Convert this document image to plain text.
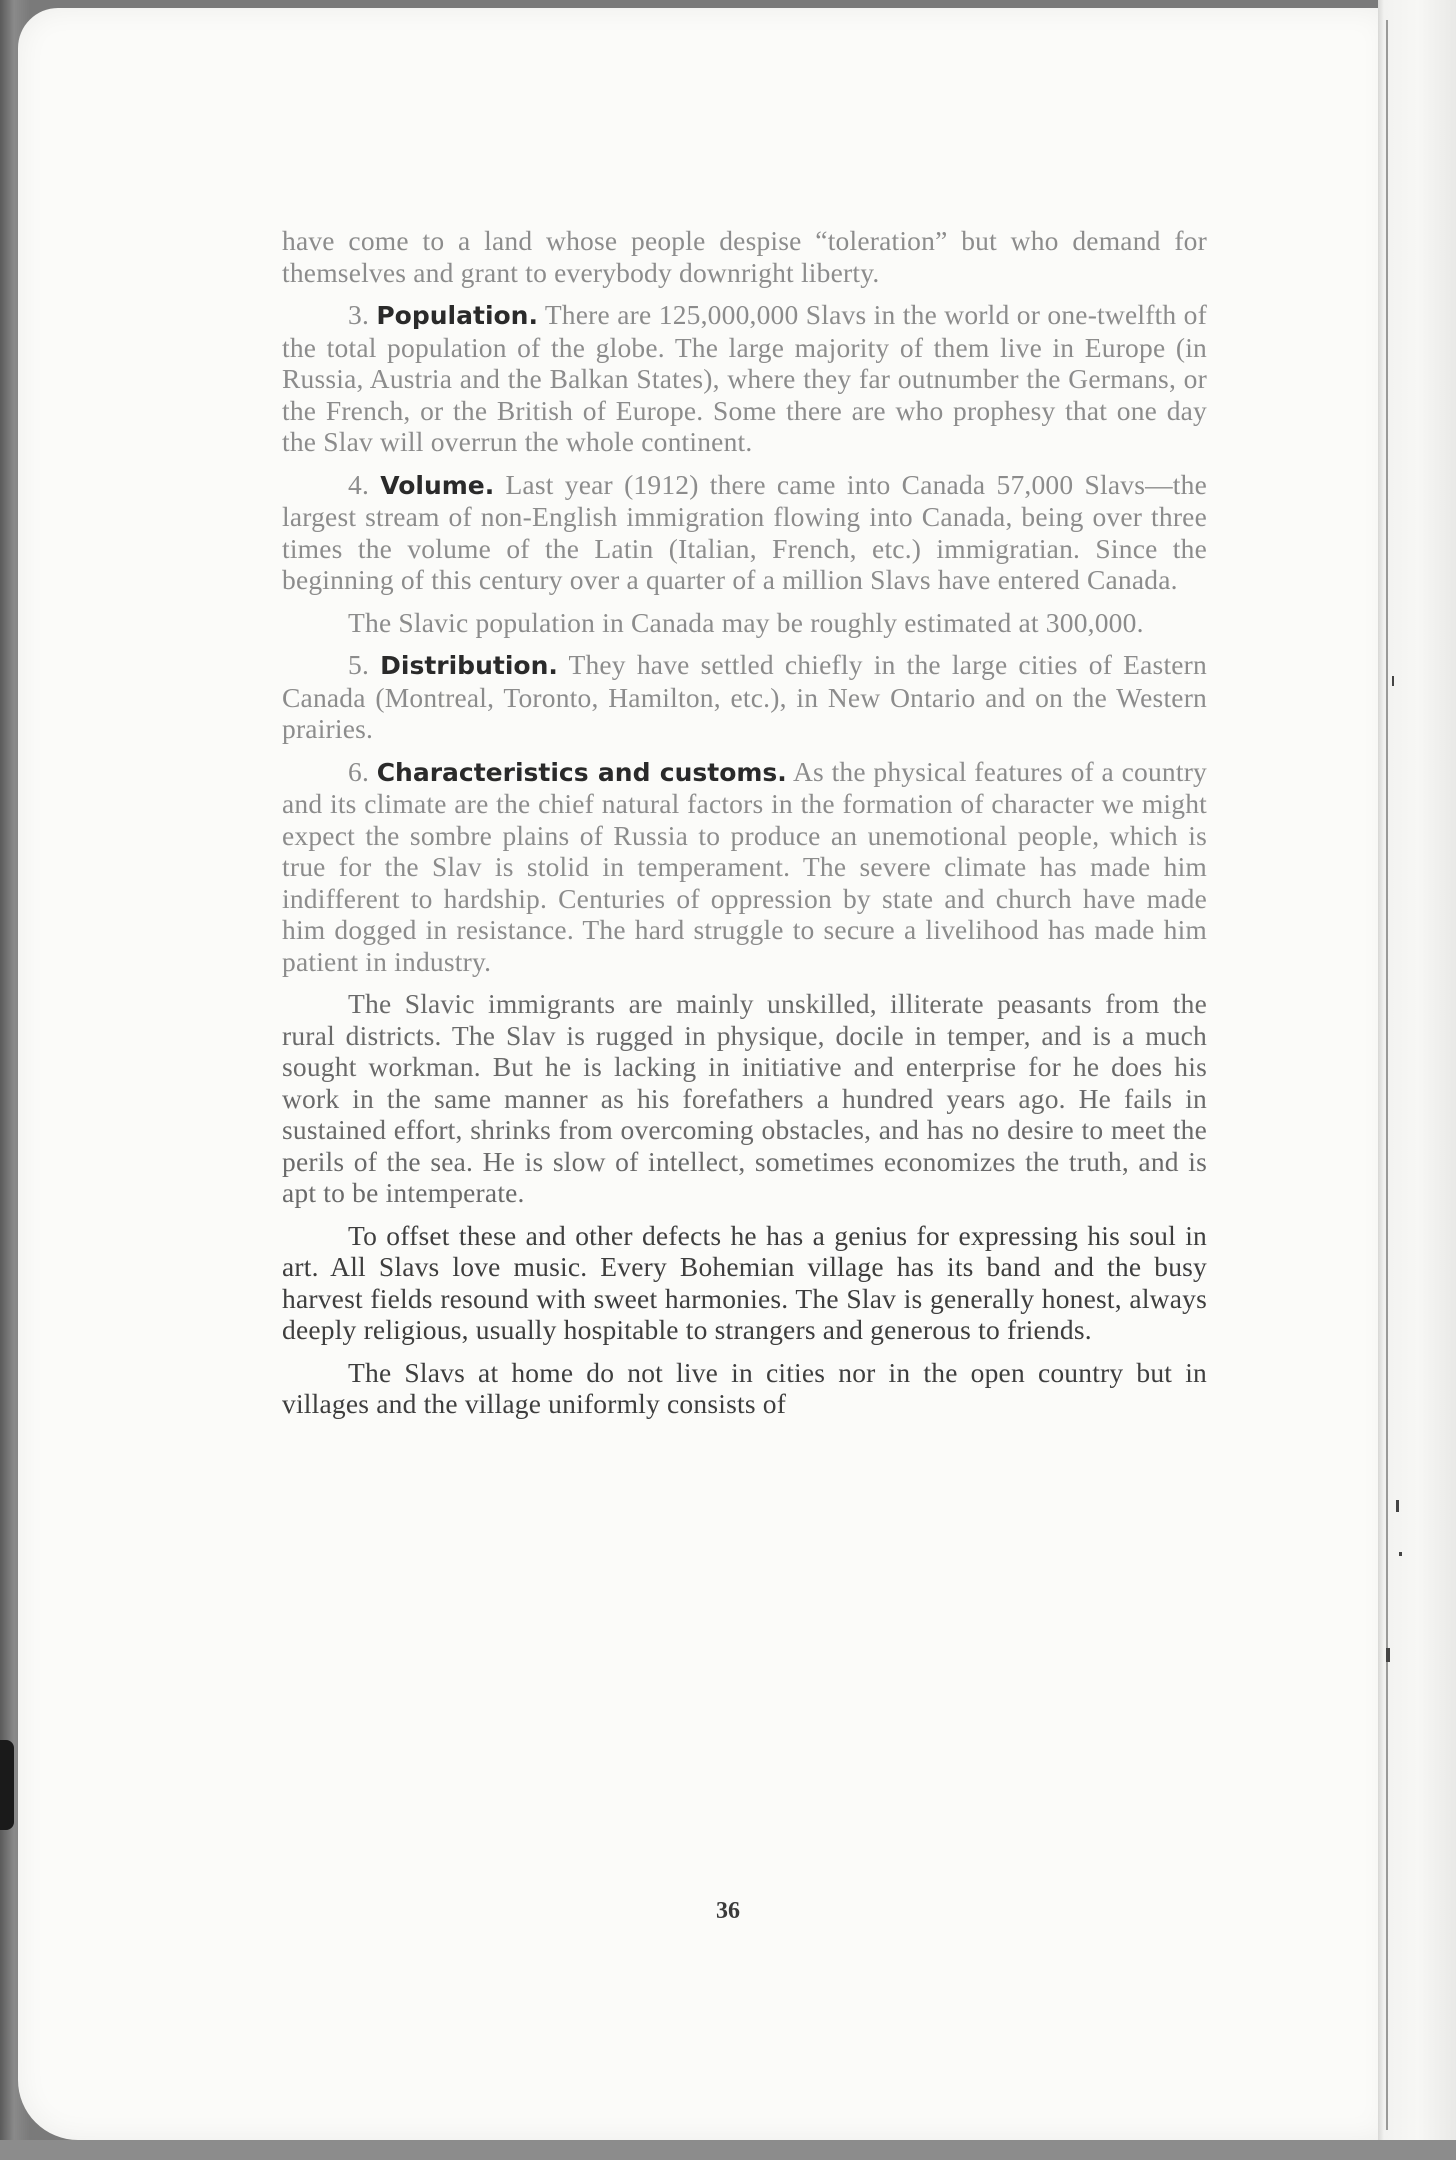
have come to a land whose people despise “toleration” but who demand for themselves and grant to everybody downright liberty.

3. Population. There are 125,000,000 Slavs in the world or one-twelfth of the total population of the globe. The large majority of them live in Europe (in Russia, Austria and the Balkan States), where they far outnumber the Germans, or the French, or the British of Europe. Some there are who prophesy that one day the Slav will overrun the whole continent.

4. Volume. Last year (1912) there came into Canada 57,000 Slavs—the largest stream of non-English immigration flowing into Canada, being over three times the volume of the Latin (Italian, French, etc.) immigratian. Since the beginning of this century over a quarter of a million Slavs have entered Canada.

The Slavic population in Canada may be roughly estimated at 300,000.

5. Distribution. They have settled chiefly in the large cities of Eastern Canada (Montreal, Toronto, Hamilton, etc.), in New Ontario and on the Western prairies.

6. Characteristics and customs. As the physical features of a country and its climate are the chief natural factors in the formation of character we might expect the sombre plains of Russia to produce an unemotional people, which is true for the Slav is stolid in temperament. The severe climate has made him indifferent to hardship. Centuries of oppression by state and church have made him dogged in resistance. The hard struggle to secure a livelihood has made him patient in industry.

The Slavic immigrants are mainly unskilled, illiterate peasants from the rural districts. The Slav is rugged in physique, docile in temper, and is a much sought workman. But he is lacking in initiative and enterprise for he does his work in the same manner as his forefathers a hundred years ago. He fails in sustained effort, shrinks from overcoming obstacles, and has no desire to meet the perils of the sea. He is slow of intellect, sometimes economizes the truth, and is apt to be intemperate.

To offset these and other defects he has a genius for expressing his soul in art. All Slavs love music. Every Bohemian village has its band and the busy harvest fields resound with sweet harmonies. The Slav is generally honest, always deeply religious, usually hospitable to strangers and generous to friends.

The Slavs at home do not live in cities nor in the open country but in villages and the village uniformly consists of

36
